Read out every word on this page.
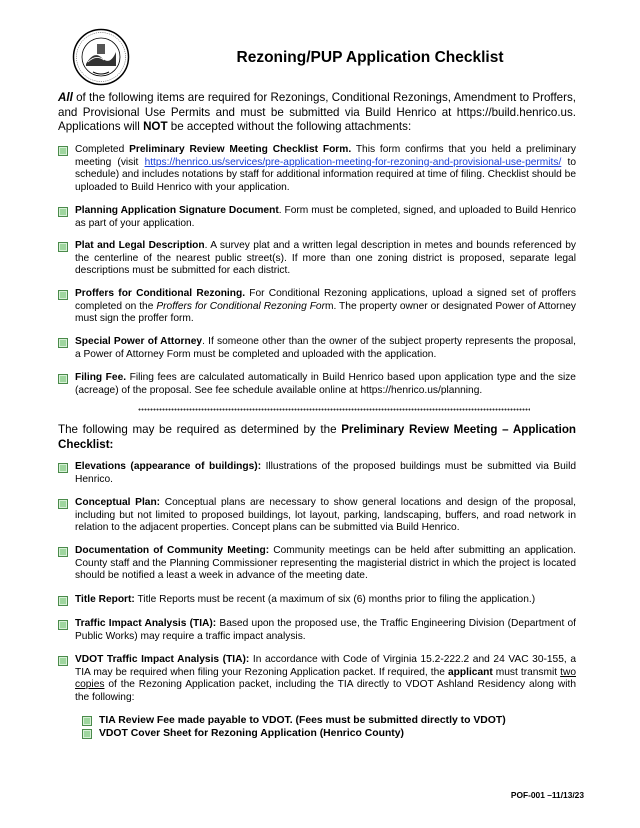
Rezoning/PUP Application Checklist
All of the following items are required for Rezonings, Conditional Rezonings, Amendment to Proffers, and Provisional Use Permits and must be submitted via Build Henrico at https://build.henrico.us. Applications will NOT be accepted without the following attachments:
Completed Preliminary Review Meeting Checklist Form. This form confirms that you held a preliminary meeting (visit https://henrico.us/services/pre-application-meeting-for-rezoning-and-provisional-use-permits/ to schedule) and includes notations by staff for additional information required at time of filing. Checklist should be uploaded to Build Henrico with your application.
Planning Application Signature Document. Form must be completed, signed, and uploaded to Build Henrico as part of your application.
Plat and Legal Description. A survey plat and a written legal description in metes and bounds referenced by the centerline of the nearest public street(s). If more than one zoning district is proposed, separate legal descriptions must be submitted for each district.
Proffers for Conditional Rezoning. For Conditional Rezoning applications, upload a signed set of proffers completed on the Proffers for Conditional Rezoning Form. The property owner or designated Power of Attorney must sign the proffer form.
Special Power of Attorney. If someone other than the owner of the subject property represents the proposal, a Power of Attorney Form must be completed and uploaded with the application.
Filing Fee. Filing fees are calculated automatically in Build Henrico based upon application type and the size (acreage) of the proposal. See fee schedule available online at https://henrico.us/planning.
The following may be required as determined by the Preliminary Review Meeting – Application Checklist:
Elevations (appearance of buildings): Illustrations of the proposed buildings must be submitted via Build Henrico.
Conceptual Plan: Conceptual plans are necessary to show general locations and design of the proposal, including but not limited to proposed buildings, lot layout, parking, landscaping, buffers, and road network in relation to the adjacent properties. Concept plans can be submitted via Build Henrico.
Documentation of Community Meeting: Community meetings can be held after submitting an application. County staff and the Planning Commissioner representing the magisterial district in which the project is located should be notified a least a week in advance of the meeting date.
Title Report: Title Reports must be recent (a maximum of six (6) months prior to filing the application.)
Traffic Impact Analysis (TIA): Based upon the proposed use, the Traffic Engineering Division (Department of Public Works) may require a traffic impact analysis.
VDOT Traffic Impact Analysis (TIA): In accordance with Code of Virginia 15.2-222.2 and 24 VAC 30-155, a TIA may be required when filing your Rezoning Application packet. If required, the applicant must transmit two copies of the Rezoning Application packet, including the TIA directly to VDOT Ashland Residency along with the following:
TIA Review Fee made payable to VDOT. (Fees must be submitted directly to VDOT)
VDOT Cover Sheet for Rezoning Application (Henrico County)
POF-001 –11/13/23
